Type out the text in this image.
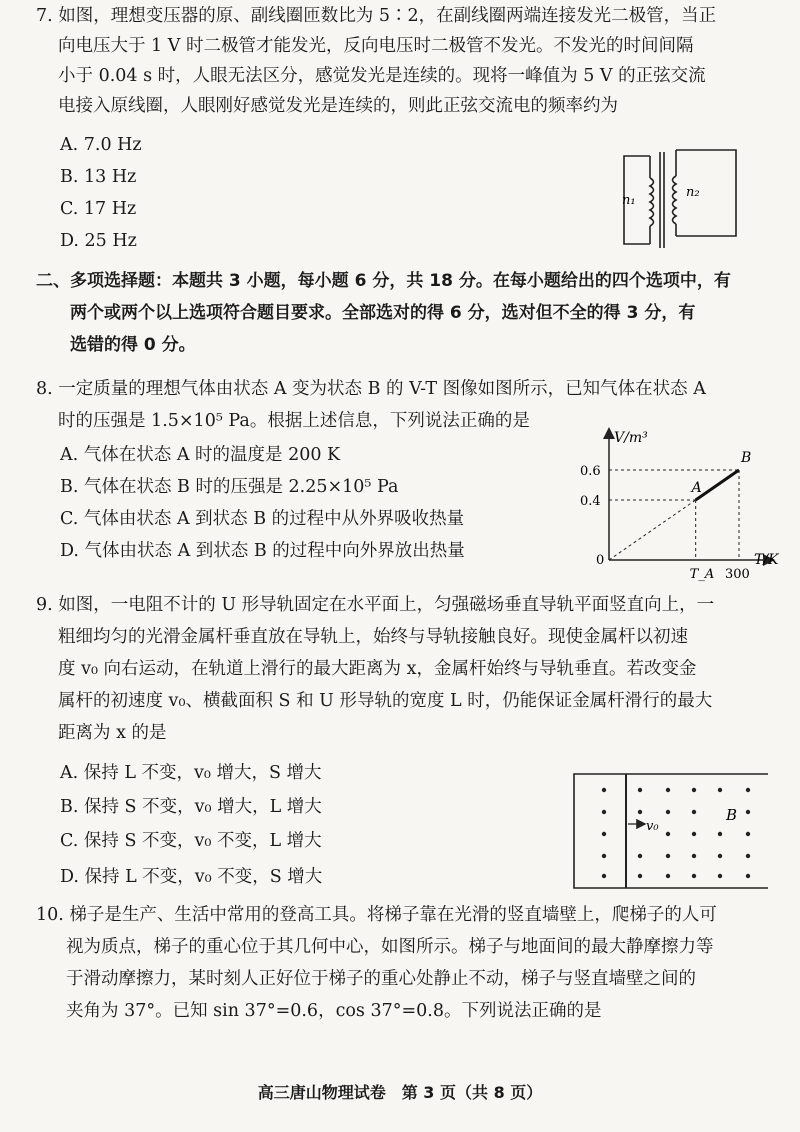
7. 如图，理想变压器的原、副线圈匝数比为 5∶2，在副线圈两端连接发光二极管，当正
向电压大于 1 V 时二极管才能发光，反向电压时二极管不发光。不发光的时间间隔
小于 0.04 s 时，人眼无法区分，感觉发光是连续的。现将一峰值为 5 V 的正弦交流
电接入原线圈，人眼刚好感觉发光是连续的，则此正弦交流电的频率约为
A. 7.0 Hz
B. 13 Hz
C. 17 Hz
D. 25 Hz
n₁
n₂
二、多项选择题：本题共 3 小题，每小题 6 分，共 18 分。在每小题给出的四个选项中，有
两个或两个以上选项符合题目要求。全部选对的得 6 分，选对但不全的得 3 分，有
选错的得 0 分。
8. 一定质量的理想气体由状态 A 变为状态 B 的 V-T 图像如图所示，已知气体在状态 A
时的压强是 1.5×10⁵ Pa。根据上述信息，下列说法正确的是
A. 气体在状态 A 时的温度是 200 K
B. 气体在状态 B 时的压强是 2.25×10⁵ Pa
C. 气体由状态 A 到状态 B 的过程中从外界吸收热量
D. 气体由状态 A 到状态 B 的过程中向外界放出热量
V/m³
T/K
0
0.6
0.4
T_A 300
A
B
9. 如图，一电阻不计的 U 形导轨固定在水平面上，匀强磁场垂直导轨平面竖直向上，一
粗细均匀的光滑金属杆垂直放在导轨上，始终与导轨接触良好。现使金属杆以初速
度 v₀ 向右运动，在轨道上滑行的最大距离为 x，金属杆始终与导轨垂直。若改变金
属杆的初速度 v₀、横截面积 S 和 U 形导轨的宽度 L 时，仍能保证金属杆滑行的最大
距离为 x 的是
A. 保持 L 不变，v₀ 增大，S 增大
B. 保持 S 不变，v₀ 增大，L 增大
C. 保持 S 不变，v₀ 不变，L 增大
D. 保持 L 不变，v₀ 不变，S 增大
v₀
B
10. 梯子是生产、生活中常用的登高工具。将梯子靠在光滑的竖直墙壁上，爬梯子的人可
视为质点，梯子的重心位于其几何中心，如图所示。梯子与地面间的最大静摩擦力等
于滑动摩擦力，某时刻人正好位于梯子的重心处静止不动，梯子与竖直墙壁之间的
夹角为 37°。已知 sin 37°=0.6，cos 37°=0.8。下列说法正确的是
高三唐山物理试卷　第 3 页（共 8 页）
